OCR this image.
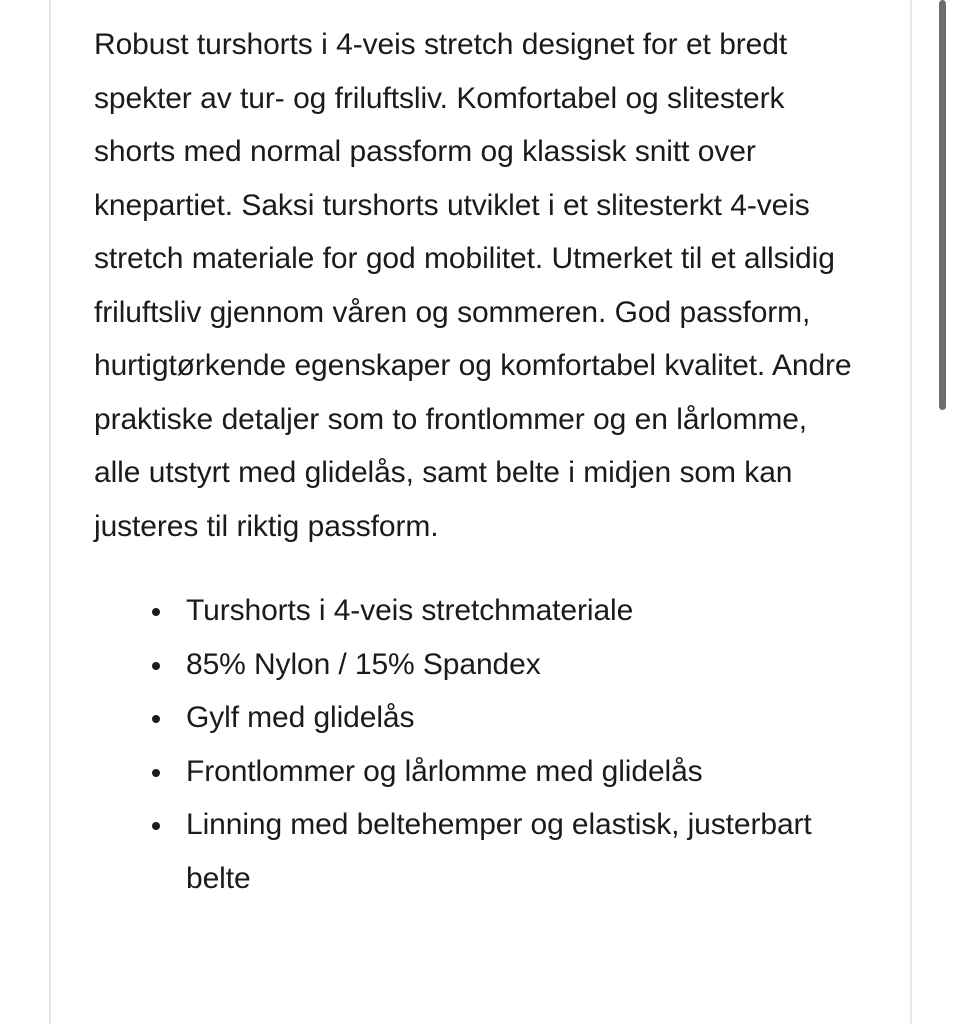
Robust turshorts i 4-veis stretch designet for et bredt spekter av tur- og friluftsliv. Komfortabel og slitesterk shorts med normal passform og klassisk snitt over knepartiet. Saksi turshorts utviklet i et slitesterkt 4-veis stretch materiale for god mobilitet. Utmerket til et allsidig friluftsliv gjennom våren og sommeren. God passform, hurtigtørkende egenskaper og komfortabel kvalitet. Andre praktiske detaljer som to frontlommer og en lårlomme, alle utstyrt med glidelås, samt belte i midjen som kan justeres til riktig passform.

Turshorts i 4-veis stretchmateriale
85% Nylon / 15% Spandex
Gylf med glidelås
Frontlommer og lårlomme med glidelås
Linning med beltehemper og elastisk, justerbart belte
